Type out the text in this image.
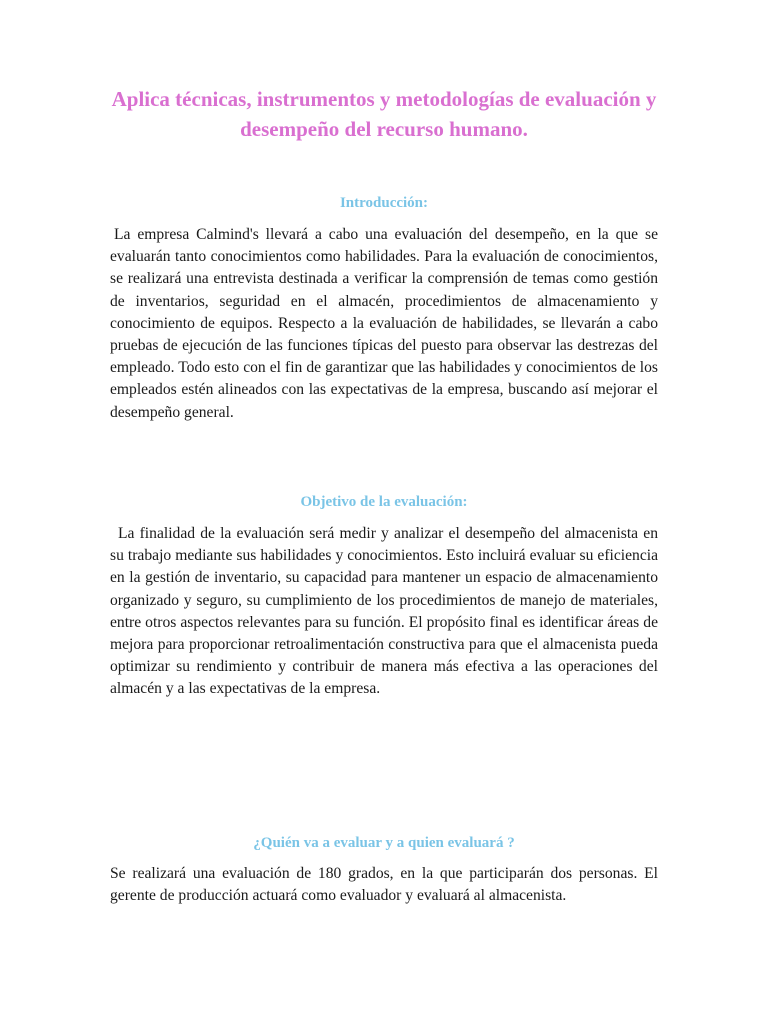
Aplica técnicas, instrumentos y metodologías de evaluación y desempeño del recurso humano.
Introducción:

La empresa Calmind's llevará a cabo una evaluación del desempeño, en la que se evaluarán tanto conocimientos como habilidades. Para la evaluación de conocimientos, se realizará una entrevista destinada a verificar la comprensión de temas como gestión de inventarios, seguridad en el almacén, procedimientos de almacenamiento y conocimiento de equipos. Respecto a la evaluación de habilidades, se llevarán a cabo pruebas de ejecución de las funciones típicas del puesto para observar las destrezas del empleado. Todo esto con el fin de garantizar que las habilidades y conocimientos de los empleados estén alineados con las expectativas de la empresa, buscando así mejorar el desempeño general.

Objetivo de la evaluación:

La finalidad de la evaluación será medir y analizar el desempeño del almacenista en su trabajo mediante sus habilidades y conocimientos. Esto incluirá evaluar su eficiencia en la gestión de inventario, su capacidad para mantener un espacio de almacenamiento organizado y seguro, su cumplimiento de los procedimientos de manejo de materiales, entre otros aspectos relevantes para su función. El propósito final es identificar áreas de mejora para proporcionar retroalimentación constructiva para que el almacenista pueda optimizar su rendimiento y contribuir de manera más efectiva a las operaciones del almacén y a las expectativas de la empresa.

¿Quién va a evaluar y a quien evaluará ?

Se realizará una evaluación de 180 grados, en la que participarán dos personas. El gerente de producción actuará como evaluador y evaluará al almacenista.
